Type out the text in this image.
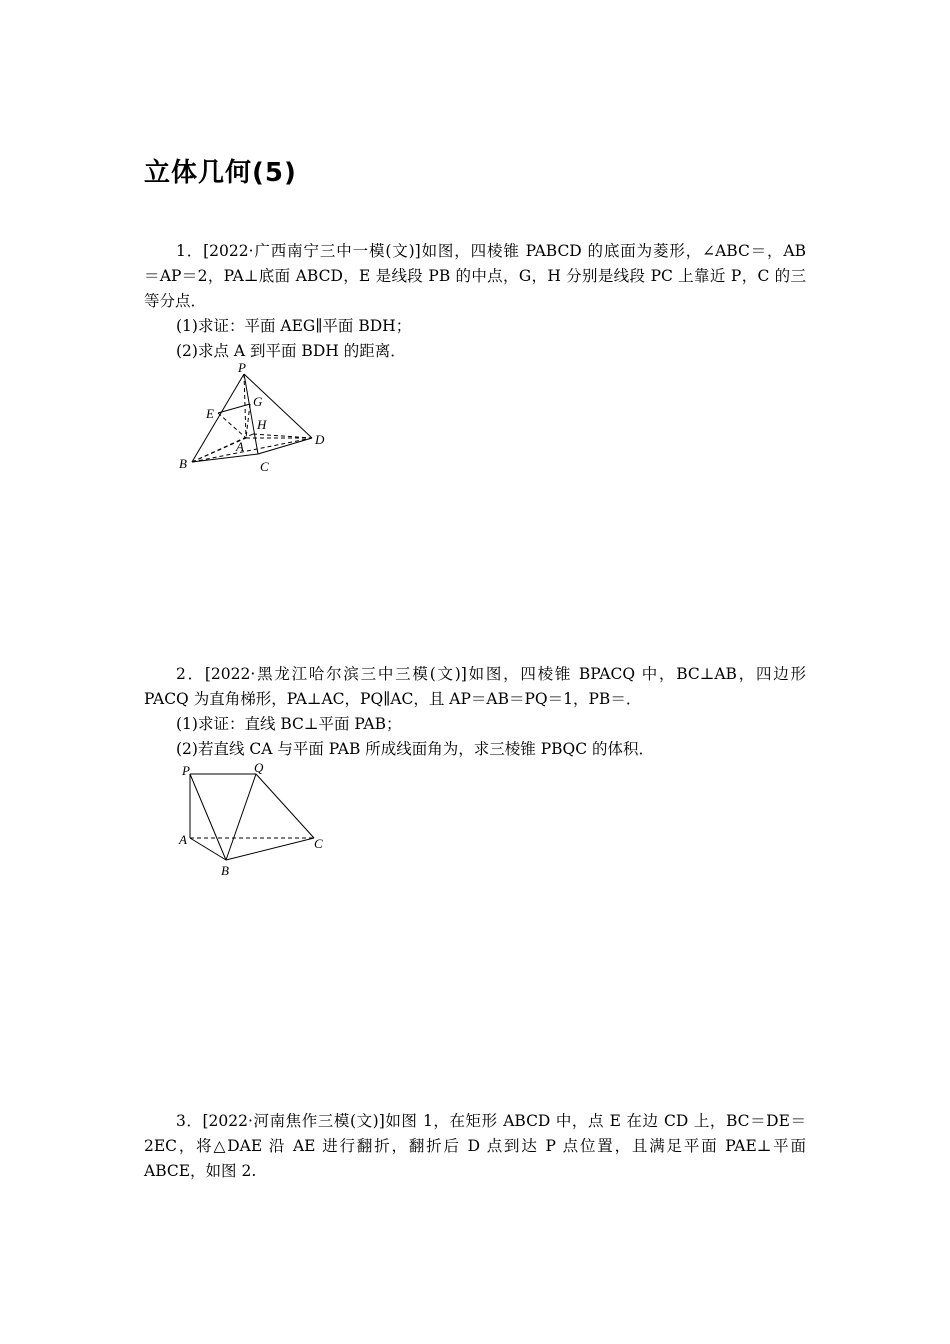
立体几何(5)
1．[2022·广西南宁三中一模(文)]如图，四棱锥 PABCD 的底面为菱形，∠ABC＝，AB
＝AP＝2，PA⊥底面 ABCD，E 是线段 PB 的中点，G，H 分别是线段 PC 上靠近 P，C 的三
等分点．
(1)求证：平面 AEG∥平面 BDH；
(2)求点 A 到平面 BDH 的距离．
P
G
E
H
A	D
B	C
2．[2022·黑龙江哈尔滨三中三模(文)]如图，四棱锥 BPACQ 中，BC⊥AB，四边形
PACQ 为直角梯形，PA⊥AC，PQ∥AC，且 AP＝AB＝PQ＝1，PB＝．
(1)求证：直线 BC⊥平面 PAB；
(2)若直线 CA 与平面 PAB 所成线面角为，求三棱锥 PBQC 的体积．
P	Q
A	C
B
3．[2022·河南焦作三模(文)]如图 1，在矩形 ABCD 中，点 E 在边 CD 上，BC＝DE＝
2EC，将△DAE 沿 AE 进行翻折，翻折后 D 点到达 P 点位置，且满足平面 PAE⊥平面
ABCE，如图 2.
